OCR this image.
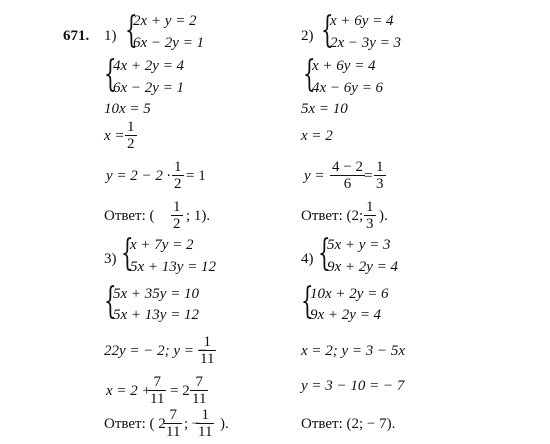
671. 1) {
2x + y = 2
6x − 2y = 1
{
4x + 2y = 4
6x − 2y = 1
10x = 5
$x = \frac{1}{2}$
$y = 2 - 2 \cdot \frac{1}{2} = 1$
Ответ: ( $\frac{1}{2}$ ; 1).
2) {
x + 6y = 4
2x − 3y = 3
{
x + 6y = 4
4x − 6y = 6
5x = 10
x = 2
$y = \frac{4 - 2}{6} = \frac{1}{3}$
Ответ: (2; $\frac{1}{3}$ ).
3) {
x + 7y = 2
5x + 13y = 12
{
5x + 35y = 10
5x + 13y = 12
22y = − 2; y = −
$\frac{1}{11}$
x = 2 +
$\frac{7}{11} = 2 \frac{7}{11}$
Ответ: ( 2
$\frac{7}{11}$ ; −
$\frac{1}{11}$ ).
4) {
5x + y = 3
9x + 2y = 4
{
10x + 2y = 6
9x + 2y = 4
x = 2; y = 3 − 5x
y = 3 − 10 = − 7
Ответ: (2; − 7).
